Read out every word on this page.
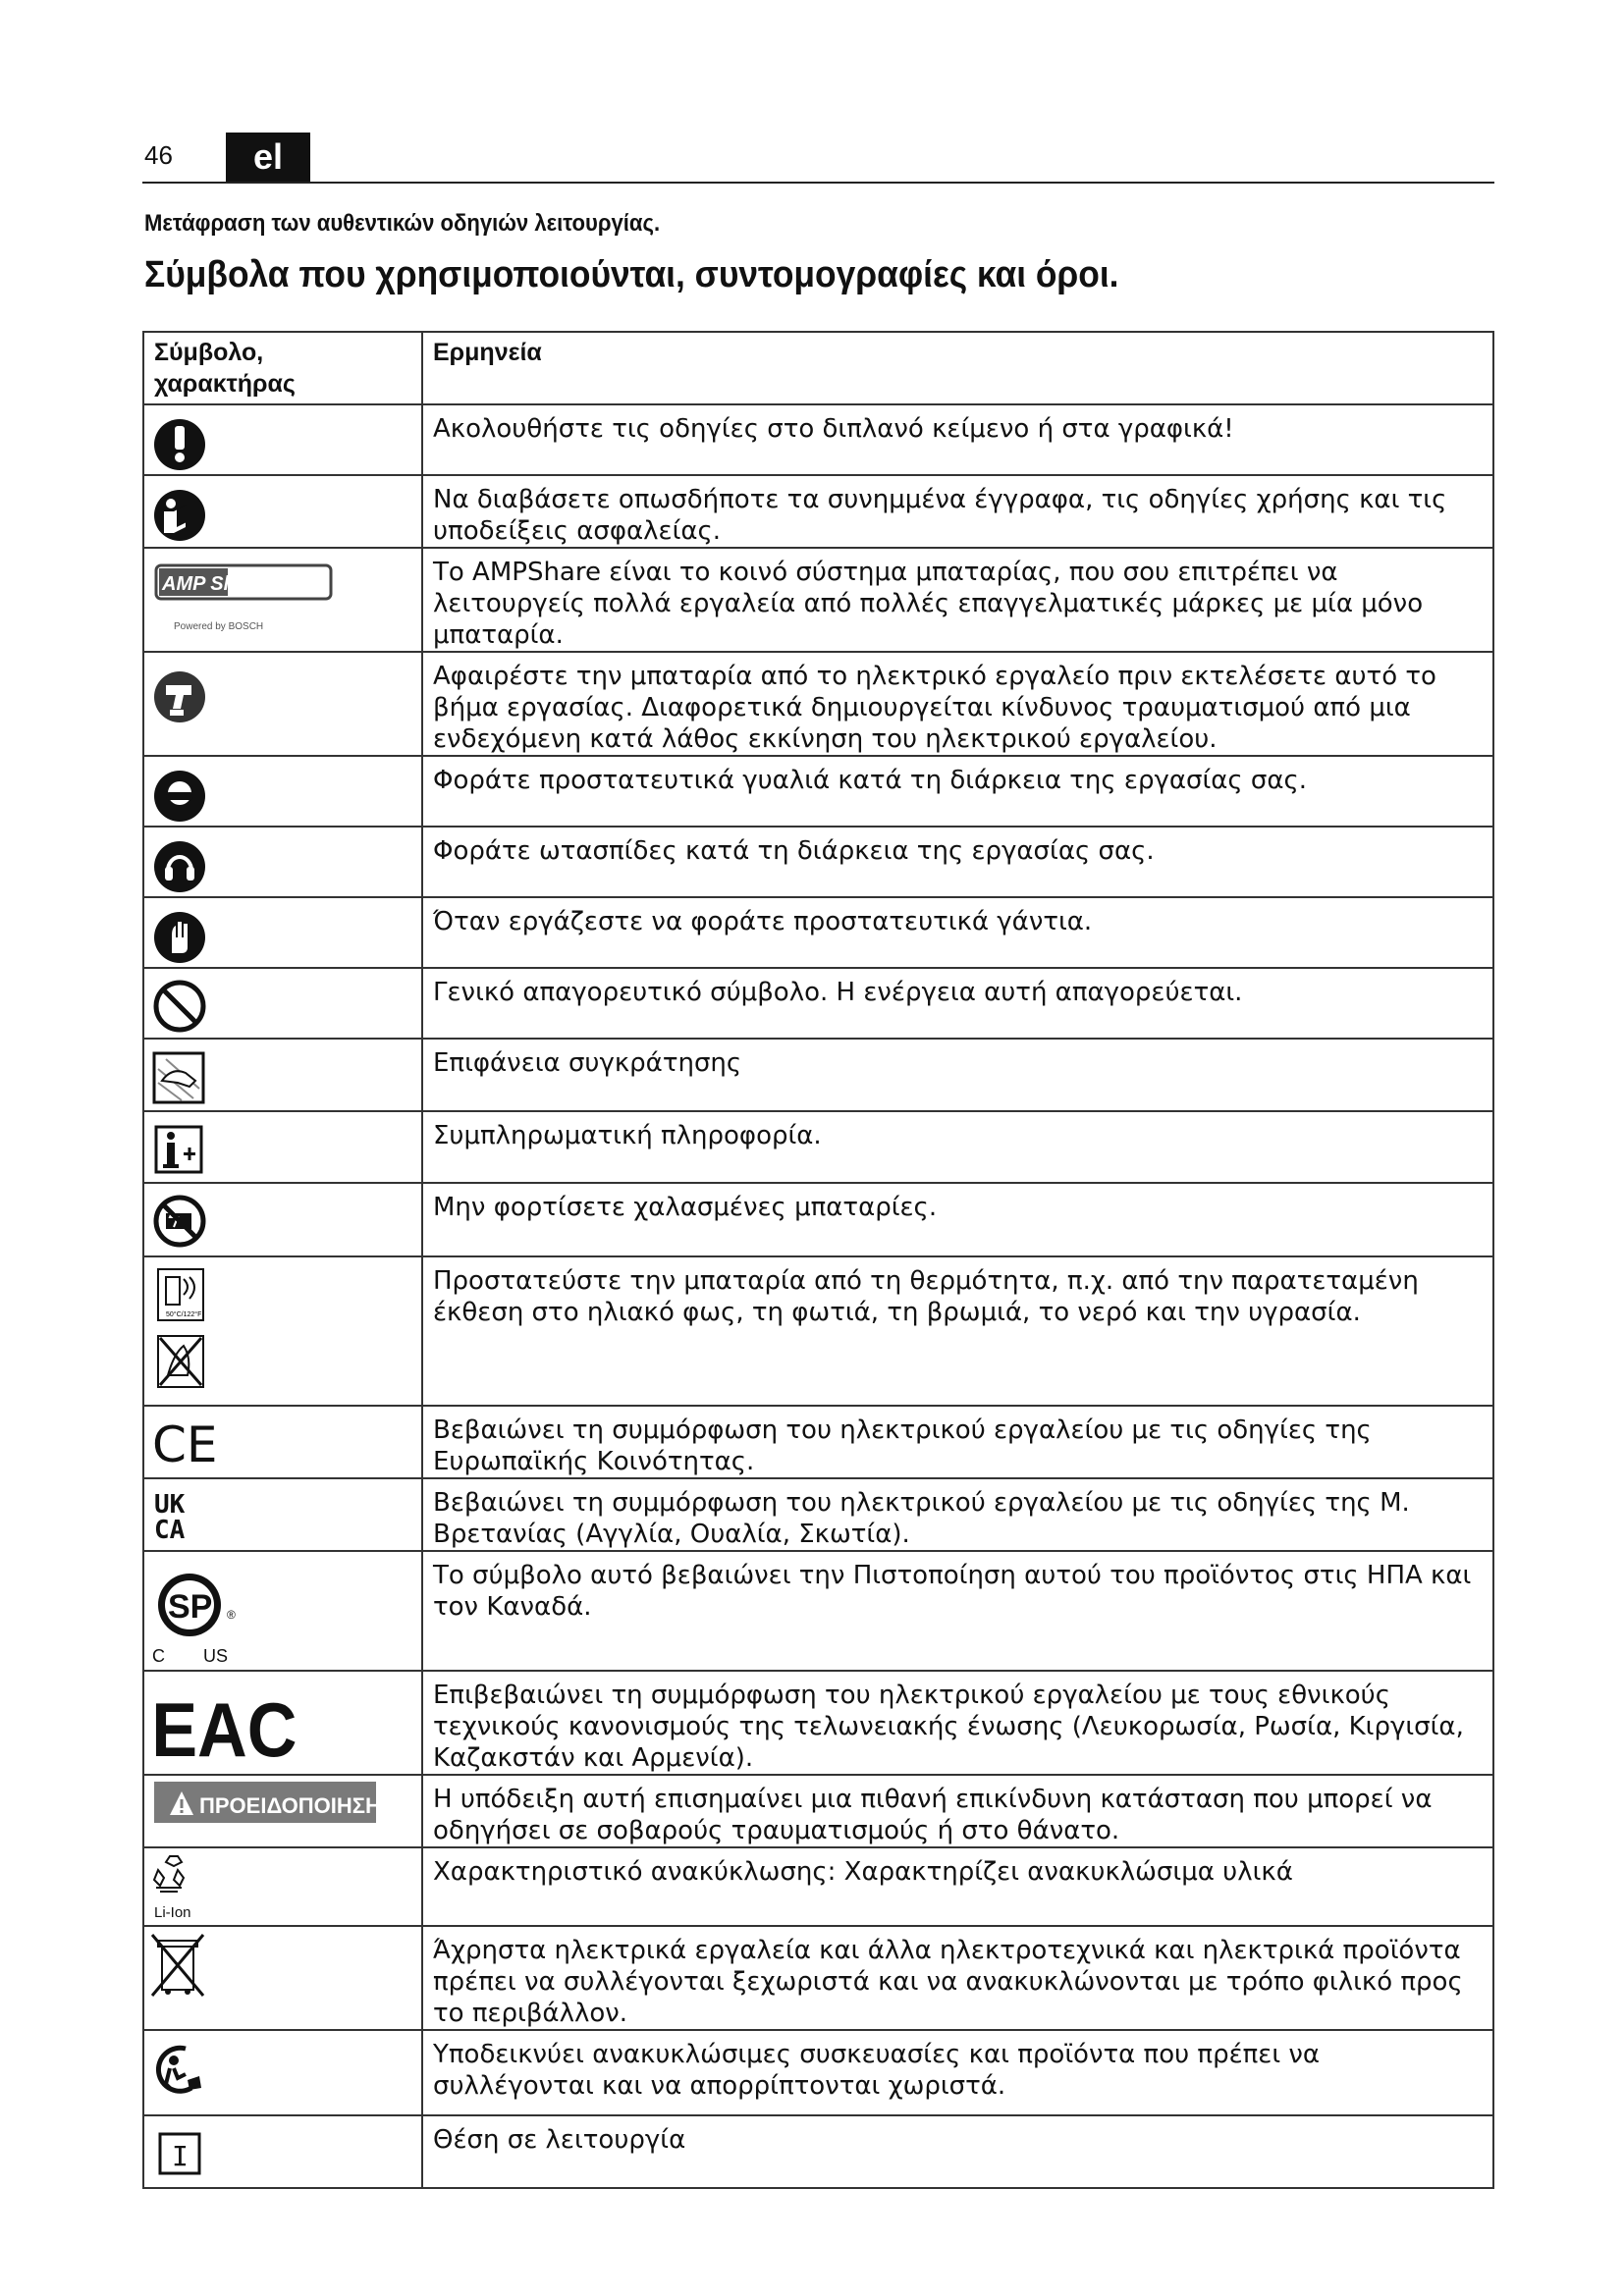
46	el
Μετάφραση των αυθεντικών οδηγιών λειτουργίας.
Σύμβολα που χρησιμοποιούνται, συντομογραφίες και όροι.
Σύμβολο, χαρακτήρας	Ερμηνεία

	Ακολουθήστε τις οδηγίες στο διπλανό κείμενο ή στα γραφικά!

	Να διαβάσετε οπωσδήποτε τα συνημμένα έγγραφα, τις οδηγίες χρήσης και τις υποδείξεις ασφαλείας.

AMP Share
Powered by BOSCH	Το AMPShare είναι το κοινό σύστημα μπαταρίας, που σου επιτρέπει να λειτουργείς πολλά εργαλεία από πολλές επαγγελματικές μάρκες με μία μόνο μπαταρία.

	Αφαιρέστε την μπαταρία από το ηλεκτρικό εργαλείο πριν εκτελέσετε αυτό το βήμα εργασίας. Διαφορετικά δημιουργείται κίνδυνος τραυματισμού από μια ενδεχόμενη κατά λάθος εκκίνηση του ηλεκτρικού εργαλείου.

	Φοράτε προστατευτικά γυαλιά κατά τη διάρκεια της εργασίας σας.

	Φοράτε ωτασπίδες κατά τη διάρκεια της εργασίας σας.

	Όταν εργάζεστε να φοράτε προστατευτικά γάντια.

	Γενικό απαγορευτικό σύμβολο. Η ενέργεια αυτή απαγορεύεται.

	Επιφάνεια συγκράτησης

	Συμπληρωματική πληροφορία.

	Μην φορτίσετε χαλασμένες μπαταρίες.

50°C/122°F	Προστατεύστε την μπαταρία από τη θερμότητα, π.χ. από την παρατεταμένη έκθεση στο ηλιακό φως, τη φωτιά, τη βρωμιά, το νερό και την υγρασία.

CE	Βεβαιώνει τη συμμόρφωση του ηλεκτρικού εργαλείου με τις οδηγίες της Ευρωπαϊκής Κοινότητας.

UK
CA	Βεβαιώνει τη συμμόρφωση του ηλεκτρικού εργαλείου με τις οδηγίες της Μ. Βρετανίας (Αγγλία, Ουαλία, Σκωτία).

SP ®
C US	Το σύμβολο αυτό βεβαιώνει την Πιστοποίηση αυτού του προϊόντος στις ΗΠΑ και τον Καναδά.

EAC	Επιβεβαιώνει τη συμμόρφωση του ηλεκτρικού εργαλείου με τους εθνικούς τεχνικούς κανονισμούς της τελωνειακής ένωσης (Λευκορωσία, Ρωσία, Κιργισία, Καζακστάν και Αρμενία).

ΠΡΟΕΙΔΟΠΟΙΗΣΗ	Η υπόδειξη αυτή επισημαίνει μια πιθανή επικίνδυνη κατάσταση που μπορεί να οδηγήσει σε σοβαρούς τραυματισμούς ή στο θάνατο.

Li-Ion	Χαρακτηριστικό ανακύκλωσης: Χαρακτηρίζει ανακυκλώσιμα υλικά

	Άχρηστα ηλεκτρικά εργαλεία και άλλα ηλεκτροτεχνικά και ηλεκτρικά προϊόντα πρέπει να συλλέγονται ξεχωριστά και να ανακυκλώνονται με τρόπο φιλικό προς το περιβάλλον.

	Υποδεικνύει ανακυκλώσιμες συσκευασίες και προϊόντα που πρέπει να συλλέγονται και να απορρίπτονται χωριστά.

I	Θέση σε λειτουργία
